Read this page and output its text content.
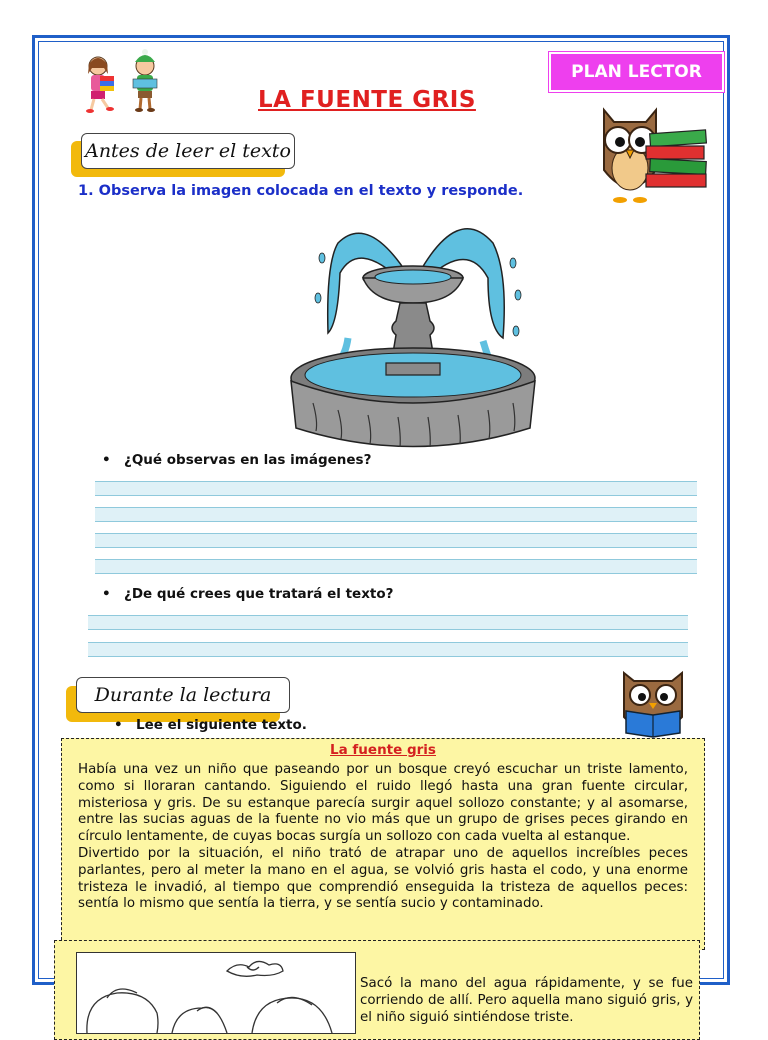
PLAN LECTOR
LA FUENTE GRIS
Antes de leer el texto
1. Observa la imagen colocada en el texto y responde.
• ¿Qué observas en las imágenes?
• ¿De qué crees que tratará el texto?
Durante la lectura
• Lee el siguiente texto.
La fuente gris

Había una vez un niño que paseando por un bosque creyó escuchar un triste lamento, como si lloraran cantando. Siguiendo el ruido llegó hasta una gran fuente circular, misteriosa y gris. De su estanque parecía surgir aquel sollozo constante; y al asomarse, entre las sucias aguas de la fuente no vio más que un grupo de grises peces girando en círculo lentamente, de cuyas bocas surgía un sollozo con cada vuelta al estanque.

Divertido por la situación, el niño trató de atrapar uno de aquellos increíbles peces parlantes, pero al meter la mano en el agua, se volvió gris hasta el codo, y una enorme tristeza le invadió, al tiempo que comprendió enseguida la tristeza de aquellos peces: sentía lo mismo que sentía la tierra, y se sentía sucio y contaminado.

Sacó la mano del agua rápidamente, y se fue corriendo de allí. Pero aquella mano siguió gris, y el niño siguió sintiéndose triste.
